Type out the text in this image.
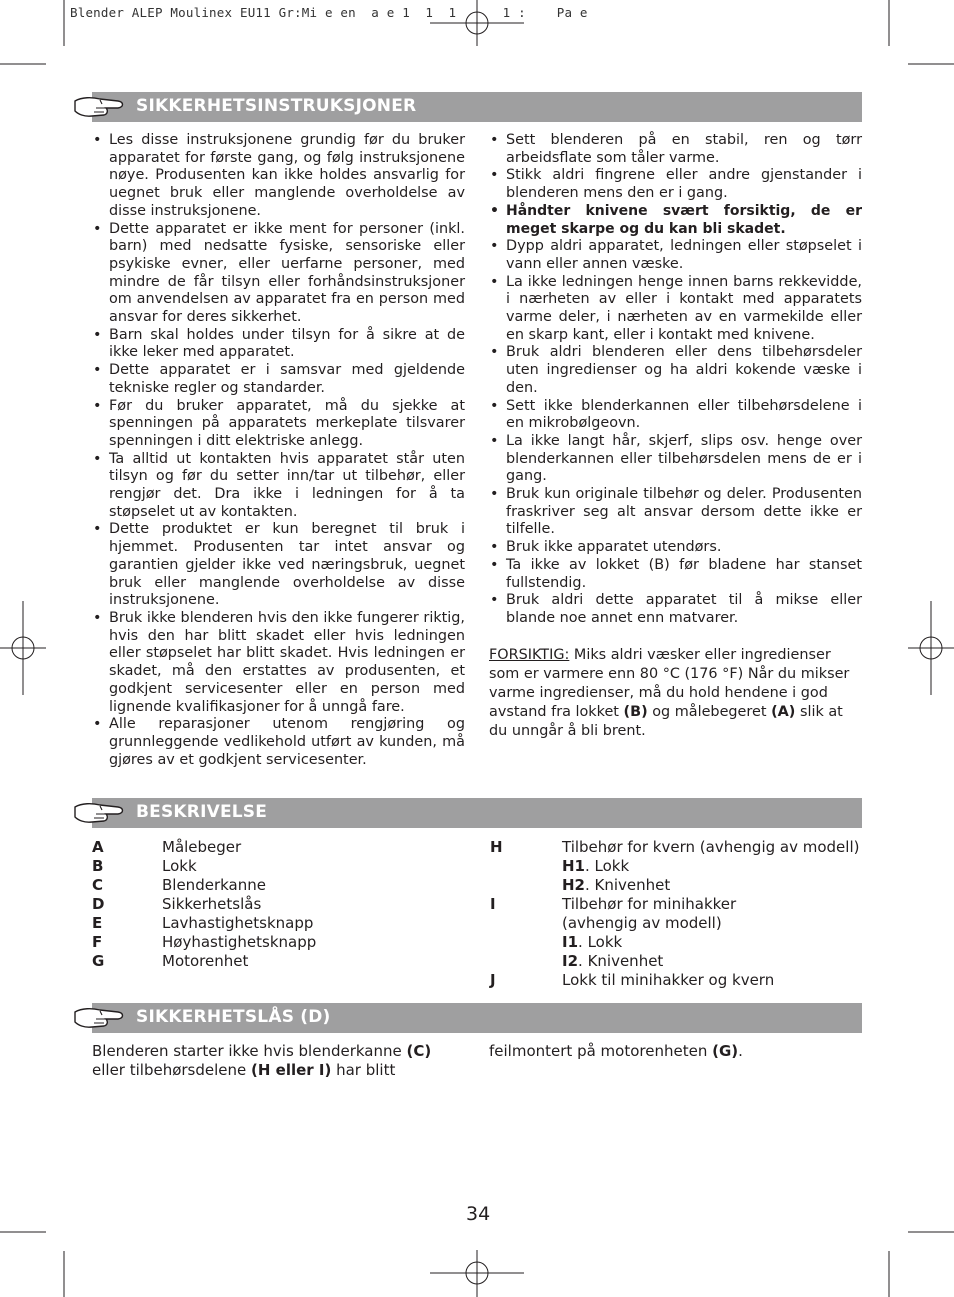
Blender ALEP Moulinex EU11 Gr:Mi e en  a e 1  1  1      1 :    Pa e
SIKKERHETSINSTRUKSJONER
• Les disse instruksjonene grundig før du bruker apparatet for første gang, og følg instruksjonene nøye. Produsenten kan ikke holdes ansvarlig for uegnet bruk eller manglende overholdelse av disse instruksjonene.
• Dette apparatet er ikke ment for personer (inkl. barn) med nedsatte fysiske, sensoriske eller psykiske evner, eller uerfarne personer, med mindre de får tilsyn eller forhåndsinstruksjoner om anvendelsen av apparatet fra en person med ansvar for deres sikkerhet.
• Barn skal holdes under tilsyn for å sikre at de ikke leker med apparatet.
• Dette apparatet er i samsvar med gjeldende tekniske regler og standarder.
• Før du bruker apparatet, må du sjekke at spenningen på apparatets merkeplate tilsvarer spenningen i ditt elektriske anlegg.
• Ta alltid ut kontakten hvis apparatet står uten tilsyn og før du setter inn/tar ut tilbehør, eller rengjør det. Dra ikke i ledningen for å ta støpselet ut av kontakten.
• Dette produktet er kun beregnet til bruk i hjemmet. Produsenten tar intet ansvar og garantien gjelder ikke ved næringsbruk, uegnet bruk eller manglende overholdelse av disse instruksjonene.
• Bruk ikke blenderen hvis den ikke fungerer riktig, hvis den har blitt skadet eller hvis ledningen eller støpselet har blitt skadet. Hvis ledningen er skadet, må den erstattes av produsenten, et godkjent servicesenter eller en person med lignende kvalifikasjoner for å unngå fare.
• Alle reparasjoner utenom rengjøring og grunnleggende vedlikehold utført av kunden, må gjøres av et godkjent servicesenter.
• Sett blenderen på en stabil, ren og tørr arbeidsflate som tåler varme.
• Stikk aldri fingrene eller andre gjenstander i blenderen mens den er i gang.
• Håndter knivene svært forsiktig, de er meget skarpe og du kan bli skadet.
• Dypp aldri apparatet, ledningen eller støpselet i vann eller annen væske.
• La ikke ledningen henge innen barns rekkevidde, i nærheten av eller i kontakt med apparatets varme deler, i nærheten av en varmekilde eller en skarp kant, eller i kontakt med knivene.
• Bruk aldri blenderen eller dens tilbehørsdeler uten ingredienser og ha aldri kokende væske i den.
• Sett ikke blenderkannen eller tilbehørsdelene i en mikrobølgeovn.
• La ikke langt hår, skjerf, slips osv. henge over blenderkannen eller tilbehørsdelen mens de er i gang.
• Bruk kun originale tilbehør og deler. Produsenten fraskriver seg alt ansvar dersom dette ikke er tilfelle.
• Bruk ikke apparatet utendørs.
• Ta ikke av lokket (B) før bladene har stanset fullstendig.
• Bruk aldri dette apparatet til å mikse eller blande noe annet enn matvarer.
FORSIKTIG: Miks aldri væsker eller ingredienser som er varmere enn 80 °C (176 °F) Når du mikser varme ingredienser, må du hold hendene i god avstand fra lokket (B) og målebegeret (A) slik at du unngår å bli brent.
BESKRIVELSE
A	Målebeger
B	Lokk
C	Blenderkanne
D	Sikkerhetslås
E	Lavhastighetsknapp
F	Høyhastighetsknapp
G	Motorenhet
H	Tilbehør for kvern (avhengig av modell)
H1. Lokk
H2. Knivenhet
I	Tilbehør for minihakker
(avhengig av modell)
I1. Lokk
I2. Knivenhet
J	Lokk til minihakker og kvern
SIKKERHETSLÅS (D)
Blenderen starter ikke hvis blenderkanne (C)
eller tilbehørsdelene (H eller I) har blitt
feilmontert på motorenheten (G).
34
